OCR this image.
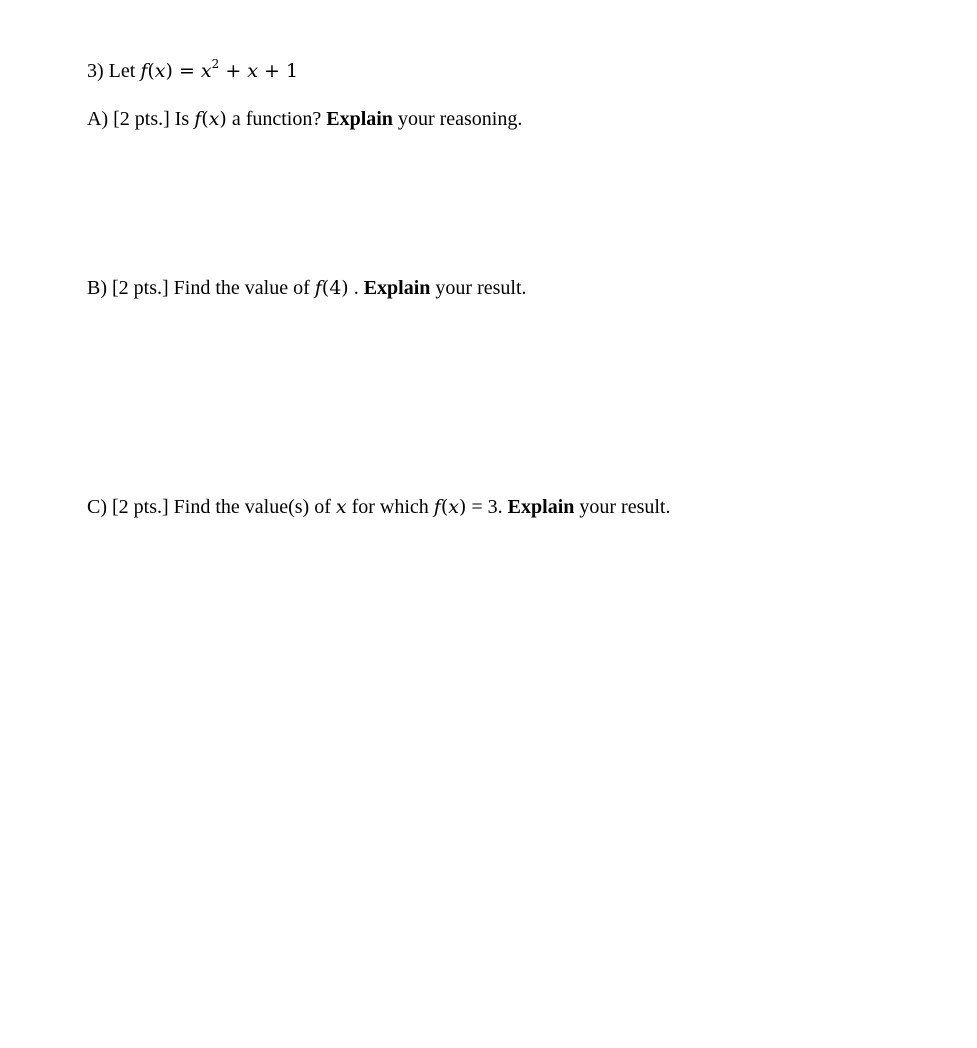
3) Let $f(x) = x^2 + x + 1$
A) [2 pts.] Is f(x) a function? Explain your reasoning.
B) [2 pts.] Find the value of f(4) . Explain your result.
C) [2 pts.] Find the value(s) of x for which f(x) = 3. Explain your result.
